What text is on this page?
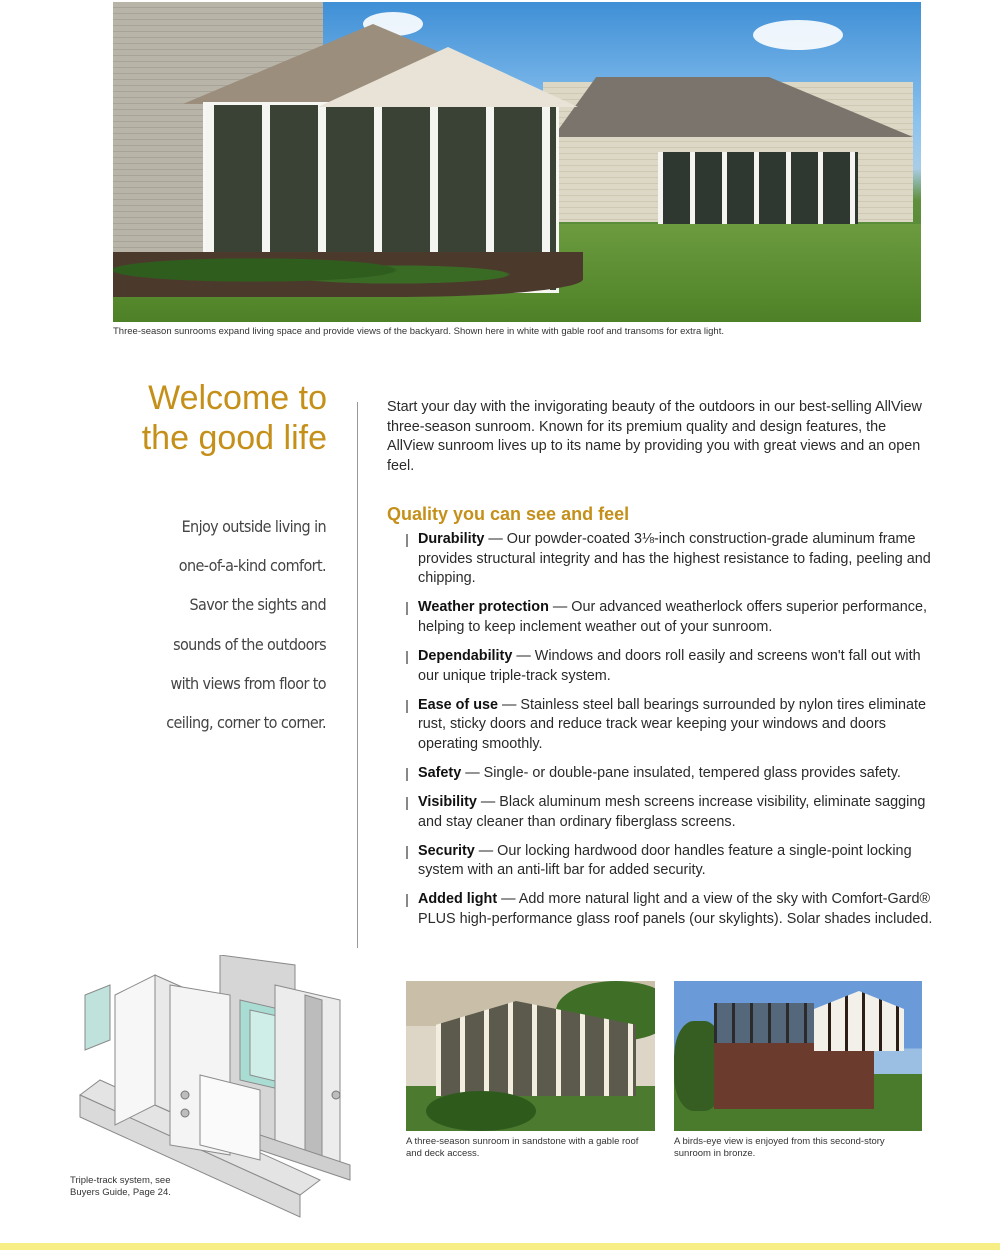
Three-season sunrooms expand living space and provide views of the backyard. Shown here in white with gable roof and transoms for extra light.
Welcome to
the good life
Enjoy outside living in
one-of-a-kind comfort.
Savor the sights and
sounds of the outdoors
with views from floor to
ceiling, corner to corner.
Start your day with the invigorating beauty of the outdoors in our best-selling AllView three-season sunroom. Known for its premium quality and design features, the AllView sunroom lives up to its name by providing you with great views and an open feel.
Quality you can see and feel
Durability — Our powder-coated 3⅛-inch construction-grade aluminum frame provides structural integrity and has the highest resistance to fading, peeling and chipping.
Weather protection — Our advanced weatherlock offers superior performance, helping to keep inclement weather out of your sunroom.
Dependability — Windows and doors roll easily and screens won't fall out with our unique triple-track system.
Ease of use — Stainless steel ball bearings surrounded by nylon tires eliminate rust, sticky doors and reduce track wear keeping your windows and doors operating smoothly.
Safety — Single- or double-pane insulated, tempered glass provides safety.
Visibility — Black aluminum mesh screens increase visibility, eliminate sagging and stay cleaner than ordinary fiberglass screens.
Security — Our locking hardwood door handles feature a single-point locking system with an anti-lift bar for added security.
Added light — Add more natural light and a view of the sky with Comfort-Gard® PLUS high-performance glass roof panels (our skylights). Solar shades included.
Triple-track system, see Buyers Guide, Page 24.
A three-season sunroom in sandstone with a gable roof and deck access.
A birds-eye view is enjoyed from this second-story sunroom in bronze.
